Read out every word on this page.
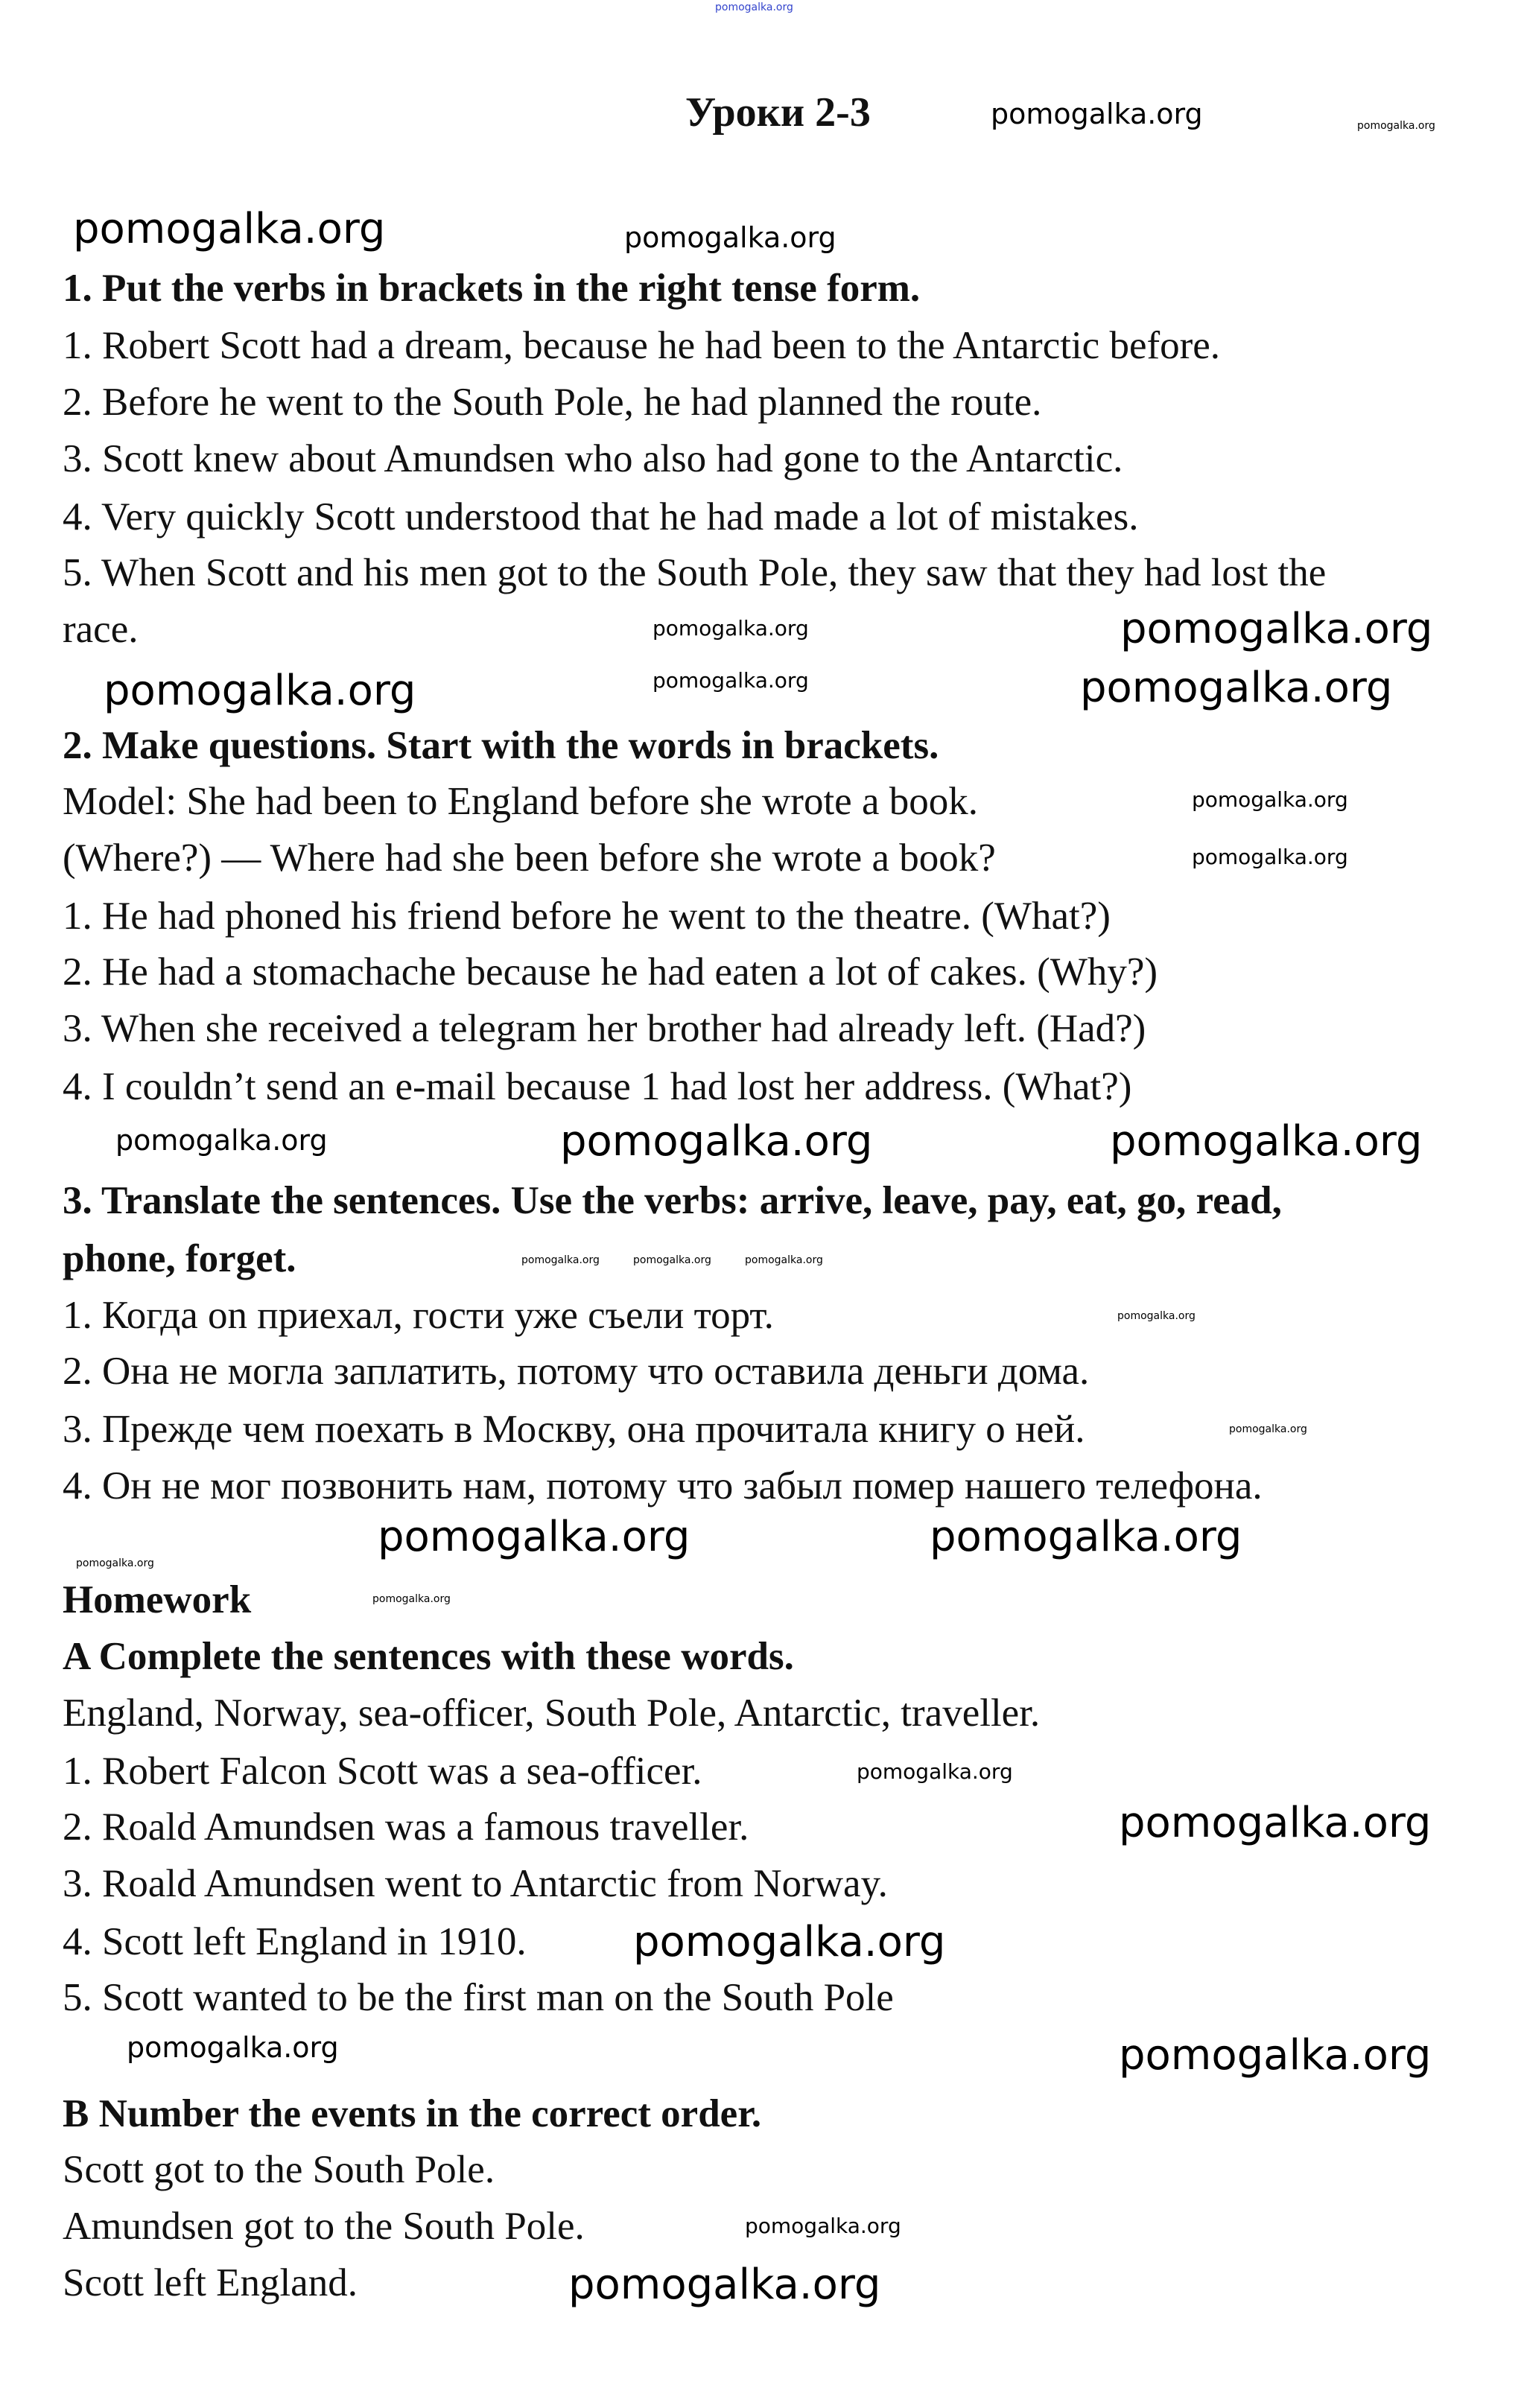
Уроки 2-3
1. Put the verbs in brackets in the right tense form.
1. Robert Scott had a dream, because he had been to the Antarctic before.
2. Before he went to the South Pole, he had planned the route.
3. Scott knew about Amundsen who also had gone to the Antarctic.
4. Very quickly Scott understood that he had made a lot of mistakes.
5. When Scott and his men got to the South Pole, they saw that they had lost the
race.
2. Make questions. Start with the words in brackets.
Model: She had been to England before she wrote a book.
(Where?) — Where had she been before she wrote a book?
1. He had phoned his friend before he went to the theatre. (What?)
2. He had a stomachache because he had eaten a lot of cakes. (Why?)
3. When she received a telegram her brother had already left. (Had?)
4. I couldn’t send an e-mail because 1 had lost her address. (What?)
3. Translate the sentences. Use the verbs: arrive, leave, pay, eat, go, read,
phone, forget.
1. Когда on приехал, гости уже съели торт.
2. Она не могла заплатить, потому что оставила деньги дома.
3. Прежде чем поехать в Москву, она прочитала книгу о ней.
4. Он не мог позвонить нам, потому что забыл помер нашего телефона.
Homework
A Complete the sentences with these words.
England, Norway, sea-officer, South Pole, Antarctic, traveller.
1. Robert Falcon Scott was a sea-officer.
2. Roald Amundsen was a famous traveller.
3. Roald Amundsen went to Antarctic from Norway.
4. Scott left England in 1910.
5. Scott wanted to be the first man on the South Pole
B Number the events in the correct order.
Scott got to the South Pole.
Amundsen got to the South Pole.
Scott left England.
pomogalka.org
pomogalka.org	pomogalka.org
pomogalka.org	pomogalka.org
pomogalka.org
pomogalka.org
pomogalka.org
pomogalka.org	pomogalka.org
pomogalka.org
pomogalka.org
pomogalka.org	pomogalka.org	pomogalka.org
pomogalka.org	pomogalka.org	pomogalka.org
pomogalka.org
pomogalka.org
pomogalka.org	pomogalka.org
pomogalka.org
pomogalka.org
pomogalka.org
pomogalka.org
pomogalka.org
pomogalka.org	pomogalka.org
pomogalka.org
pomogalka.org
